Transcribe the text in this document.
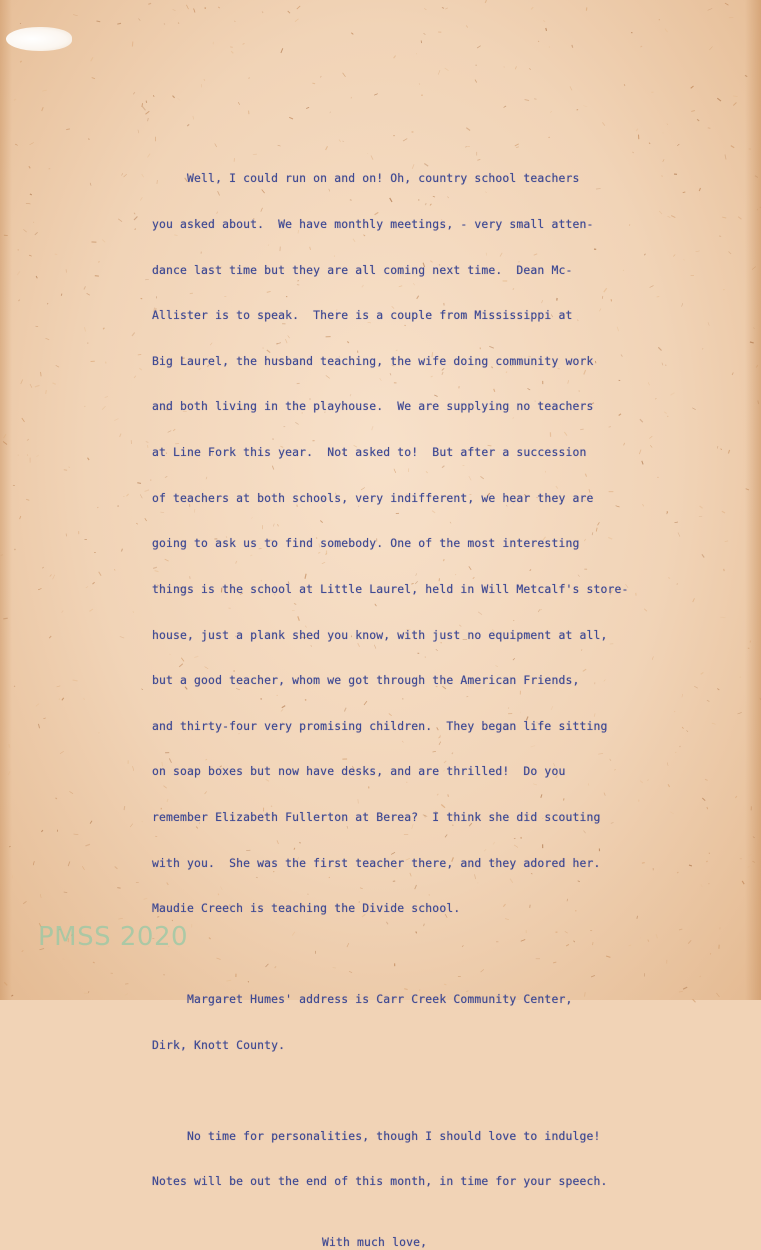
Well, I could run on and on! Oh, country school teachers

you asked about.  We have monthly meetings, - very small atten-

dance last time but they are all coming next time.  Dean Mc-

Allister is to speak.  There is a couple from Mississippi at

Big Laurel, the husband teaching, the wife doing community work

and both living in the playhouse.  We are supplying no teachers

at Line Fork this year.  Not asked to!  But after a succession

of teachers at both schools, very indifferent, we hear they are

going to ask us to find somebody. One of the most interesting

things is the school at Little Laurel, held in Will Metcalf's store-

house, just a plank shed you know, with just no equipment at all,

but a good teacher, whom we got through the American Friends,

and thirty-four very promising children.  They began life sitting

on soap boxes but now have desks, and are thrilled!  Do you

remember Elizabeth Fullerton at Berea?  I think she did scouting

with you.  She was the first teacher there, and they adored her.

Maudie Creech is teaching the Divide school.

Margaret Humes' address is Carr Creek Community Center,

Dirk, Knott County.

No time for personalities, though I should love to indulge!

Notes will be out the end of this month, in time for your speech.

With much love,

PMSS 2020
